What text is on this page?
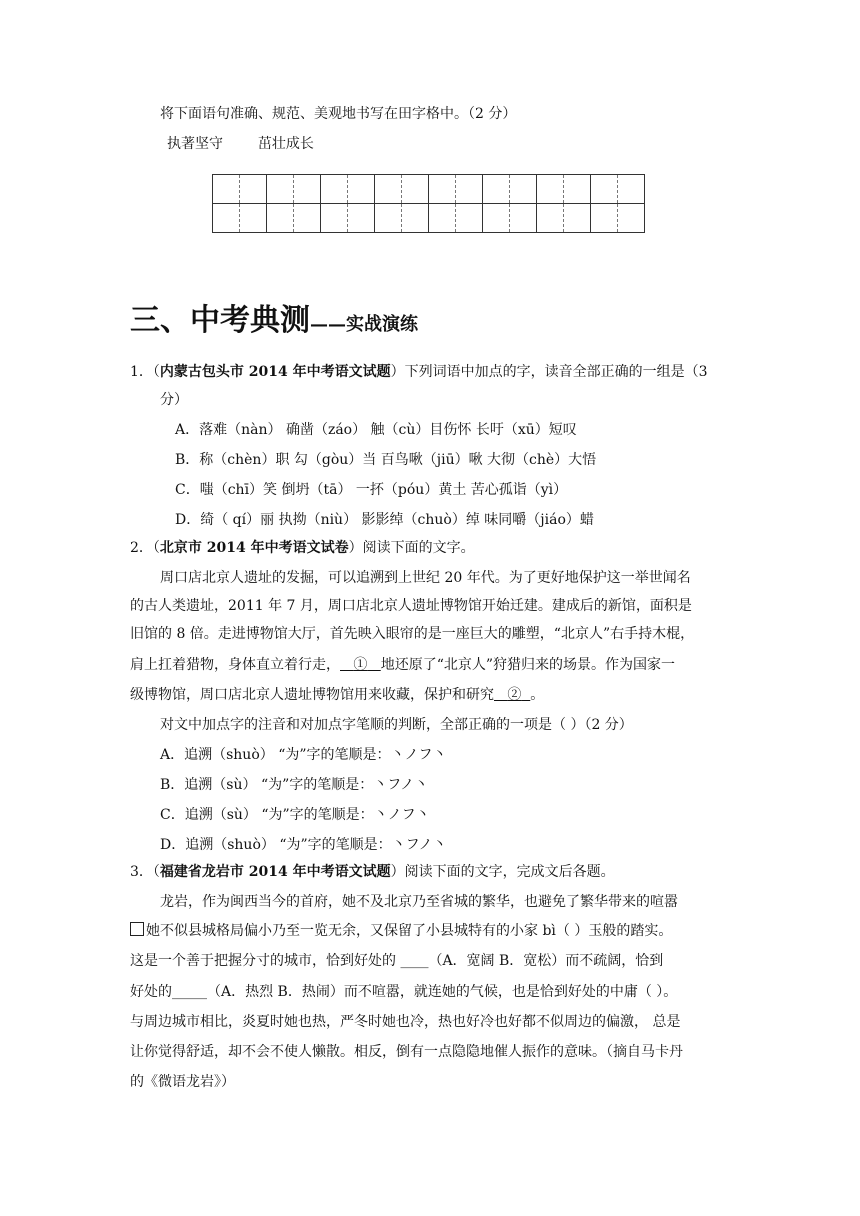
将下面语句准确、规范、美观地书写在田字格中。（2 分）
执著坚守 茁壮成长
三、中考典测——实战演练
1．（内蒙古包头市 2014 年中考语文试题）下列词语中加点的字，读音全部正确的一组是（3
分）
A．落难（nàn） 确凿（záo） 触（cù）目伤怀 长吁（xū）短叹
B．称（chèn）职 勾（gòu）当 百鸟啾（jiū）啾 大彻（chè）大悟
C．嗤（chī）笑 倒坍（tā） 一抔（póu）黄土 苦心孤诣（yì）
D．绮（ qí）丽 执拗（niù） 影影绰（chuò）绰 味同嚼（jiáo）蜡
2．（北京市 2014 年中考语文试卷）阅读下面的文字。
周口店北京人遗址的发掘，可以追溯到上世纪 20 年代。为了更好地保护这一举世闻名
的古人类遗址，2011 年 7 月，周口店北京人遗址博物馆开始迁建。建成后的新馆，面积是
旧馆的 8 倍。走进博物馆大厅，首先映入眼帘的是一座巨大的雕塑，“北京人”右手持木棍，
肩上扛着猎物，身体直立着行走， ① 地还原了“北京人”狩猎归来的场景。作为国家一
级博物馆，周口店北京人遗址博物馆用来收藏，保护和研究 ② 。
对文中加点字的注音和对加点字笔顺的判断，全部正确的一项是（ ）（2 分）
A．追溯（shuò） “为”字的笔顺是：丶ノフ丶
B．追溯（sù） “为”字的笔顺是：丶フノ丶
C．追溯（sù） “为”字的笔顺是：丶ノフ丶
D．追溯（shuò） “为”字的笔顺是：丶フノ丶
3．（福建省龙岩市 2014 年中考语文试题）阅读下面的文字，完成文后各题。
龙岩，作为闽西当今的首府，她不及北京乃至省城的繁华，也避免了繁华带来的喧嚣
她不似县城格局偏小乃至一览无余，又保留了小县城特有的小家 bì（ ）玉般的踏实。
这是一个善于把握分寸的城市，恰到好处的 ____（A．宽阔 B．宽松）而不疏阔，恰到
好处的_____（A．热烈 B．热闹）而不喧嚣，就连她的气候，也是恰到好处的中庸（ ）。
与周边城市相比，炎夏时她也热，严冬时她也冷，热也好冷也好都不似周边的偏激， 总是
让你觉得舒适，却不会不使人懒散。相反，倒有一点隐隐地催人振作的意味。（摘自马卡丹
的《微语龙岩》）
